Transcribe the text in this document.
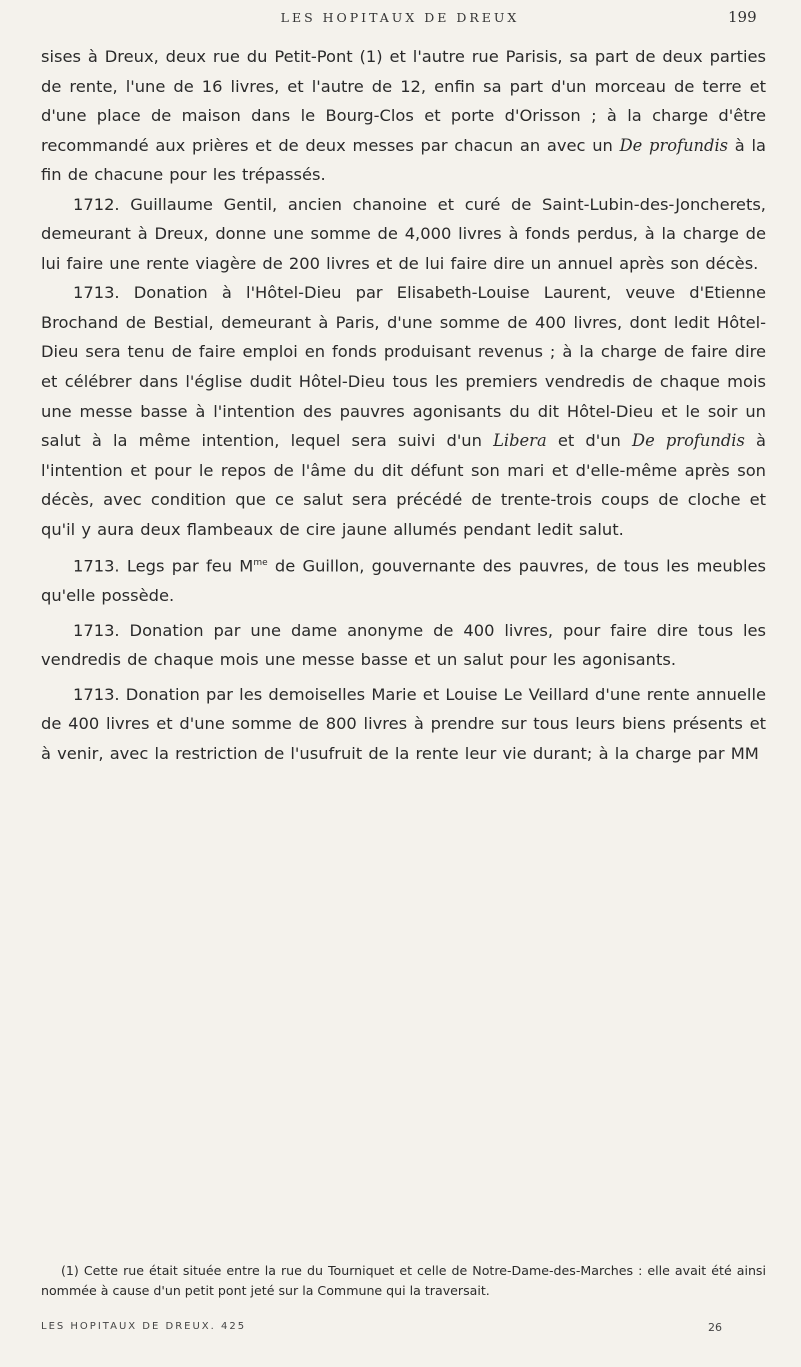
LES HOPITAUX DE DREUX	199

sises à Dreux, deux rue du Petit-Pont (1) et l'autre rue Parisis, sa part de deux parties de rente, l'une de 16 livres, et l'autre de 12, enfin sa part d'un morceau de terre et d'une place de maison dans le Bourg-Clos et porte d'Orisson ; à la charge d'être recommandé aux prières et de deux messes par chacun an avec un De profundis à la fin de chacune pour les trépassés.

1712. Guillaume Gentil, ancien chanoine et curé de Saint-Lubin-des-Joncherets, demeurant à Dreux, donne une somme de 4,000 livres à fonds perdus, à la charge de lui faire une rente viagère de 200 livres et de lui faire dire un annuel après son décès.

1713. Donation à l'Hôtel-Dieu par Elisabeth-Louise Laurent, veuve d'Etienne Brochand de Bestial, demeurant à Paris, d'une somme de 400 livres, dont ledit Hôtel-Dieu sera tenu de faire emploi en fonds produisant revenus ; à la charge de faire dire et célébrer dans l'église dudit Hôtel-Dieu tous les premiers vendredis de chaque mois une messe basse à l'intention des pauvres agonisants du dit Hôtel-Dieu et le soir un salut à la même intention, lequel sera suivi d'un Libera et d'un De profundis à l'intention et pour le repos de l'âme du dit défunt son mari et d'elle-même après son décès, avec condition que ce salut sera précédé de trente-trois coups de cloche et qu'il y aura deux flambeaux de cire jaune allumés pendant ledit salut.

1713. Legs par feu $M^{me}$ de Guillon, gouvernante des pauvres, de tous les meubles qu'elle possède.

1713. Donation par une dame anonyme de 400 livres, pour faire dire tous les vendredis de chaque mois une messe basse et un salut pour les agonisants.

1713. Donation par les demoiselles Marie et Louise Le Veillard d'une rente annuelle de 400 livres et d'une somme de 800 livres à prendre sur tous leurs biens présents et à venir, avec la restriction de l'usufruit de la rente leur vie durant; à la charge par MM

(1) Cette rue était située entre la rue du Tourniquet et celle de Notre-Dame-des-Marches : elle avait été ainsi nommée à cause d'un petit pont jeté sur la Commune qui la traversait.

LES HOPITAUX DE DREUX. 425	26
